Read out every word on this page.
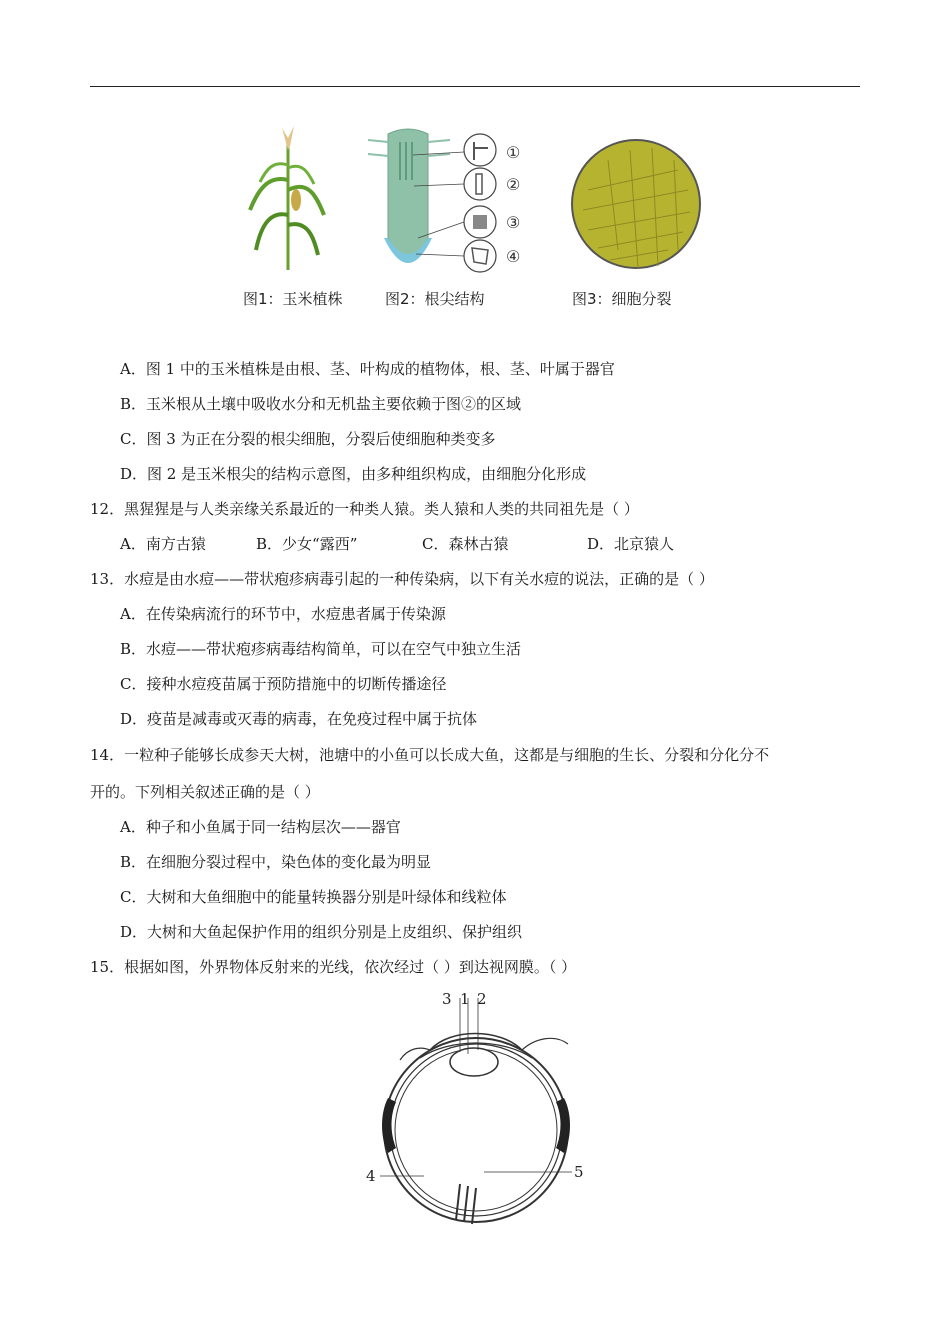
①
②
③
④
图1：玉米植株	图2：根尖结构	图3：细胞分裂
A．图 1 中的玉米植株是由根、茎、叶构成的植物体，根、茎、叶属于器官
B．玉米根从土壤中吸收水分和无机盐主要依赖于图②的区域
C．图 3 为正在分裂的根尖细胞，分裂后使细胞种类变多
D．图 2 是玉米根尖的结构示意图，由多种组织构成，由细胞分化形成
12．黑猩猩是与人类亲缘关系最近的一种类人猿。类人猿和人类的共同祖先是（ ）
A．南方古猿	B．少女“露西”	C．森林古猿	D．北京猿人
13．水痘是由水痘——带状疱疹病毒引起的一种传染病，以下有关水痘的说法，正确的是（ ）
A．在传染病流行的环节中，水痘患者属于传染源
B．水痘——带状疱疹病毒结构简单，可以在空气中独立生活
C．接种水痘疫苗属于预防措施中的切断传播途径
D．疫苗是减毒或灭毒的病毒，在免疫过程中属于抗体
14．一粒种子能够长成参天大树，池塘中的小鱼可以长成大鱼，这都是与细胞的生长、分裂和分化分不
开的。下列相关叙述正确的是（ ）
A．种子和小鱼属于同一结构层次——器官
B．在细胞分裂过程中，染色体的变化最为明显
C．大树和大鱼细胞中的能量转换器分别是叶绿体和线粒体
D．大树和大鱼起保护作用的组织分别是上皮组织、保护组织
15．根据如图，外界物体反射来的光线，依次经过（ ）到达视网膜。（ ）
3 1 2
4	5
